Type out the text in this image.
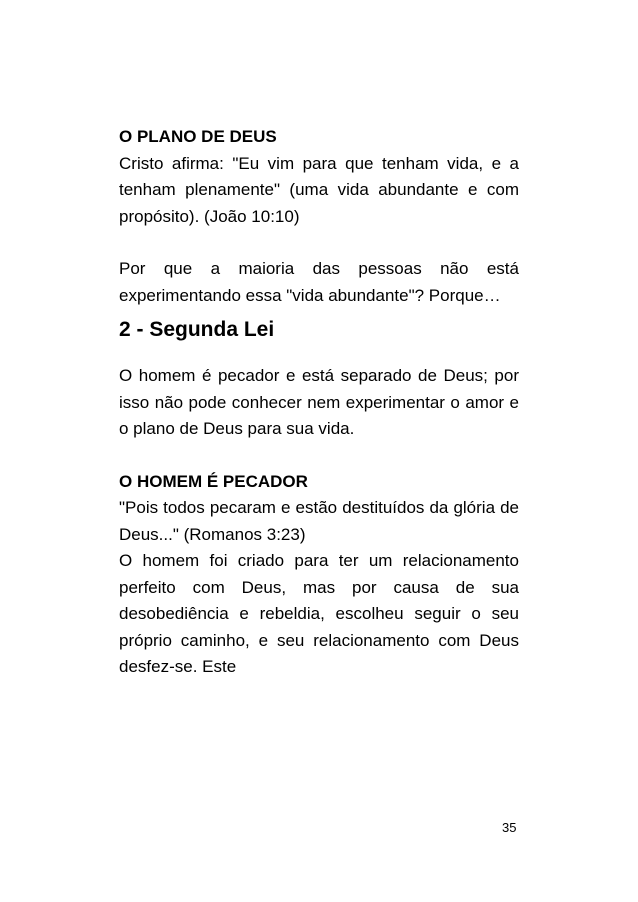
O PLANO DE DEUS

Cristo afirma: "Eu vim para que tenham vida, e a tenham plenamente" (uma vida abundante e com propósito). (João 10:10)

Por que a maioria das pessoas não está experimentando essa "vida abundante"? Porque…

2 - Segunda Lei

O homem é pecador e está separado de Deus; por isso não pode conhecer nem experimentar o amor e o plano de Deus para sua vida.

O HOMEM É PECADOR

"Pois todos pecaram e estão destituídos da glória de Deus..." (Romanos 3:23)

O homem foi criado para ter um relacionamento perfeito com Deus, mas por causa de sua desobediência e rebeldia, escolheu seguir o seu próprio caminho, e seu relacionamento com Deus desfez-se. Este

35
